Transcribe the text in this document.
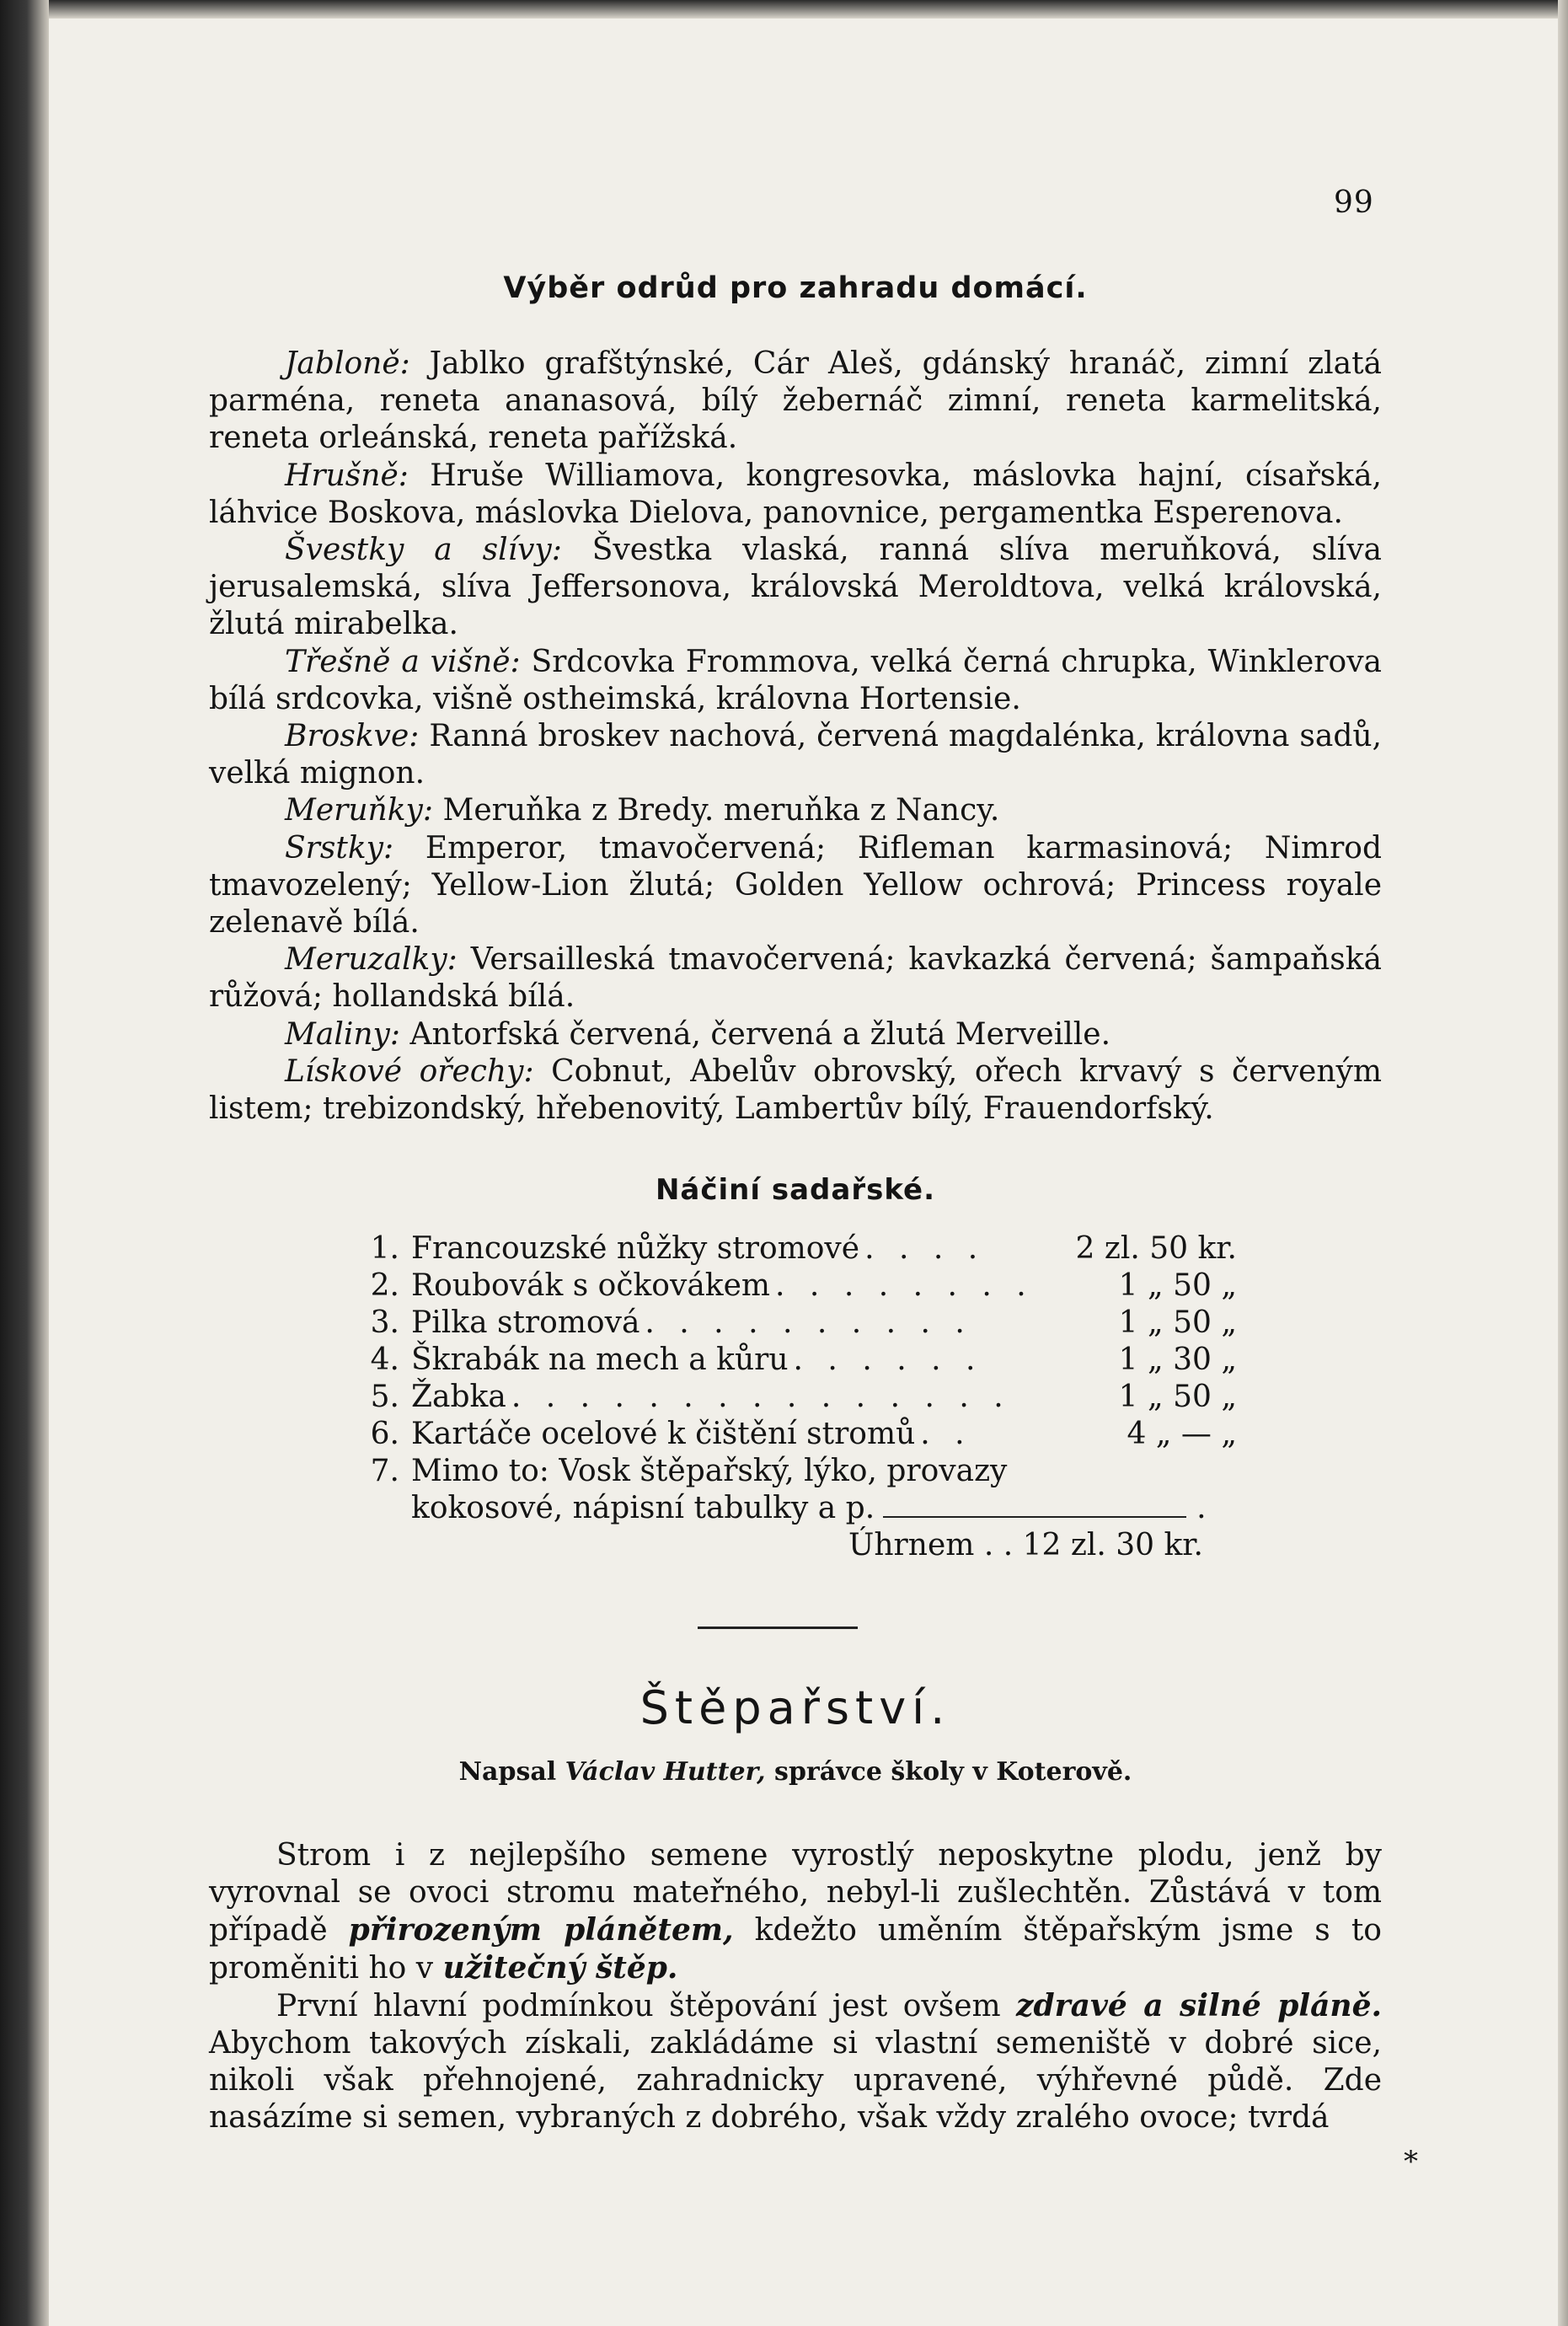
99
Výběr odrůd pro zahradu domácí.

Jabloně: Jablko grafštýnské, Cár Aleš, gdánský hranáč, zimní zlatá parména, reneta ananasová, bílý žebernáč zimní, reneta karmelitská, reneta orleánská, reneta pařížská.

Hrušně: Hruše Williamova, kongresovka, máslovka hajní, císařská, láhvice Boskova, máslovka Dielova, panovnice, pergamentka Esperenova.

Švestky a slívy: Švestka vlaská, ranná slíva meruňková, slíva jerusalemská, slíva Jeffersonova, královská Meroldtova, velká královská, žlutá mirabelka.

Třešně a višně: Srdcovka Frommova, velká černá chrupka, Winklerova bílá srdcovka, višně ostheimská, královna Hortensie.

Broskve: Ranná broskev nachová, červená magdalénka, královna sadů, velká mignon.

Meruňky: Meruňka z Bredy. meruňka z Nancy.

Srstky: Emperor, tmavočervená; Rifleman karmasinová; Nimrod tmavozelený; Yellow-Lion žlutá; Golden Yellow ochrová; Princess royale zelenavě bílá.

Meruzalky: Versailleská tmavočervená; kavkazká červená; šampaňská růžová; hollandská bílá.

Maliny: Antorfská červená, červená a žlutá Merveille.

Lískové ořechy: Cobnut, Abelův obrovský, ořech krvavý s červeným listem; trebizondský, hřebenovitý, Lambertův bílý, Frauendorfský.

Náčiní sadařské.
1. Francouzské nůžky stromové . . . .	2 zl. 50 kr.
2. Roubovák s očkovákem . . . . . . . .	1 „ 50 „
3. Pilka stromová . . . . . . . . . .	1 „ 50 „
4. Škrabák na mech a kůru . . . . . .	1 „ 30 „
5. Žabka . . . . . . . . . . . . . . .	1 „ 50 „
6. Kartáče ocelové k čištění stromů . .	4 „ — „
7. Mimo to: Vosk štěpařský, lýko, provazy
kokosové, nápisní tabulky a p.	.
Úhrnem . . 12 zl. 30 kr.
Štěpařství.
Napsal Václav Hutter, správce školy v Koterově.

Strom i z nejlepšího semene vyrostlý neposkytne plodu, jenž by vyrovnal se ovoci stromu mateřného, nebyl-li zušlechtěn. Zůstává v tom případě přirozeným plánětem, kdežto uměním štěpařským jsme s to proměniti ho v užitečný štěp.

První hlavní podmínkou štěpování jest ovšem zdravé a silné pláně. Abychom takových získali, zakládáme si vlastní semeniště v dobré sice, nikoli však přehnojené, zahradnicky upravené, výhřevné půdě. Zde nasázíme si semen, vybraných z dobrého, však vždy zralého ovoce; tvrdá

*
